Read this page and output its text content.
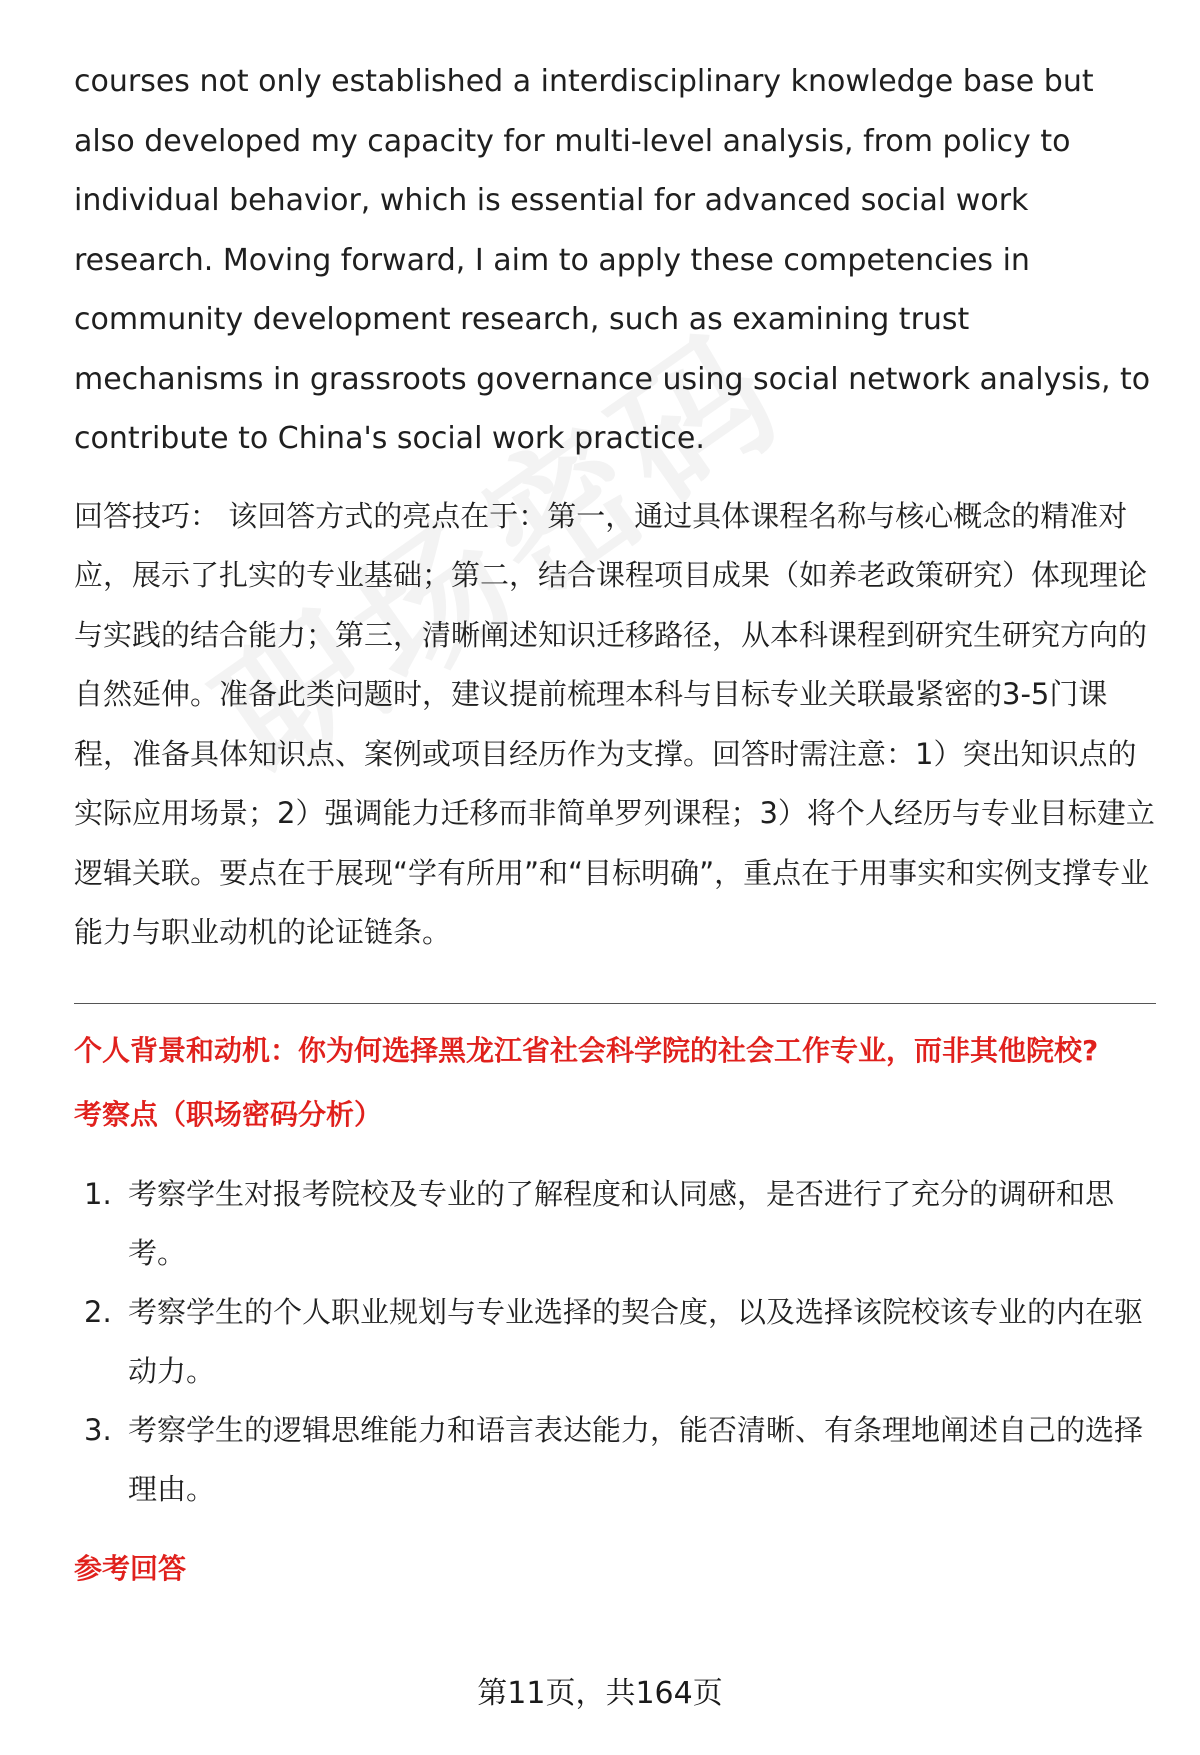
courses not only established a interdisciplinary knowledge base but also developed my capacity for multi-level analysis, from policy to individual behavior, which is essential for advanced social work research. Moving forward, I aim to apply these competencies in community development research, such as examining trust mechanisms in grassroots governance using social network analysis, to contribute to China's social work practice.

回答技巧： 该回答方式的亮点在于：第一，通过具体课程名称与核心概念的精准对应，展示了扎实的专业基础；第二，结合课程项目成果（如养老政策研究）体现理论与实践的结合能力；第三，清晰阐述知识迁移路径，从本科课程到研究生研究方向的自然延伸。准备此类问题时，建议提前梳理本科与目标专业关联最紧密的3-5门课程，准备具体知识点、案例或项目经历作为支撑。回答时需注意：1）突出知识点的实际应用场景；2）强调能力迁移而非简单罗列课程；3）将个人经历与专业目标建立逻辑关联。要点在于展现“学有所用”和“目标明确”，重点在于用事实和实例支撑专业能力与职业动机的论证链条。

个人背景和动机：你为何选择黑龙江省社会科学院的社会工作专业，而非其他院校?
考察点（职场密码分析）
1. 考察学生对报考院校及专业的了解程度和认同感，是否进行了充分的调研和思考。
2. 考察学生的个人职业规划与专业选择的契合度，以及选择该院校该专业的内在驱动力。
3. 考察学生的逻辑思维能力和语言表达能力，能否清晰、有条理地阐述自己的选择理由。
参考回答
第11页，共164页
